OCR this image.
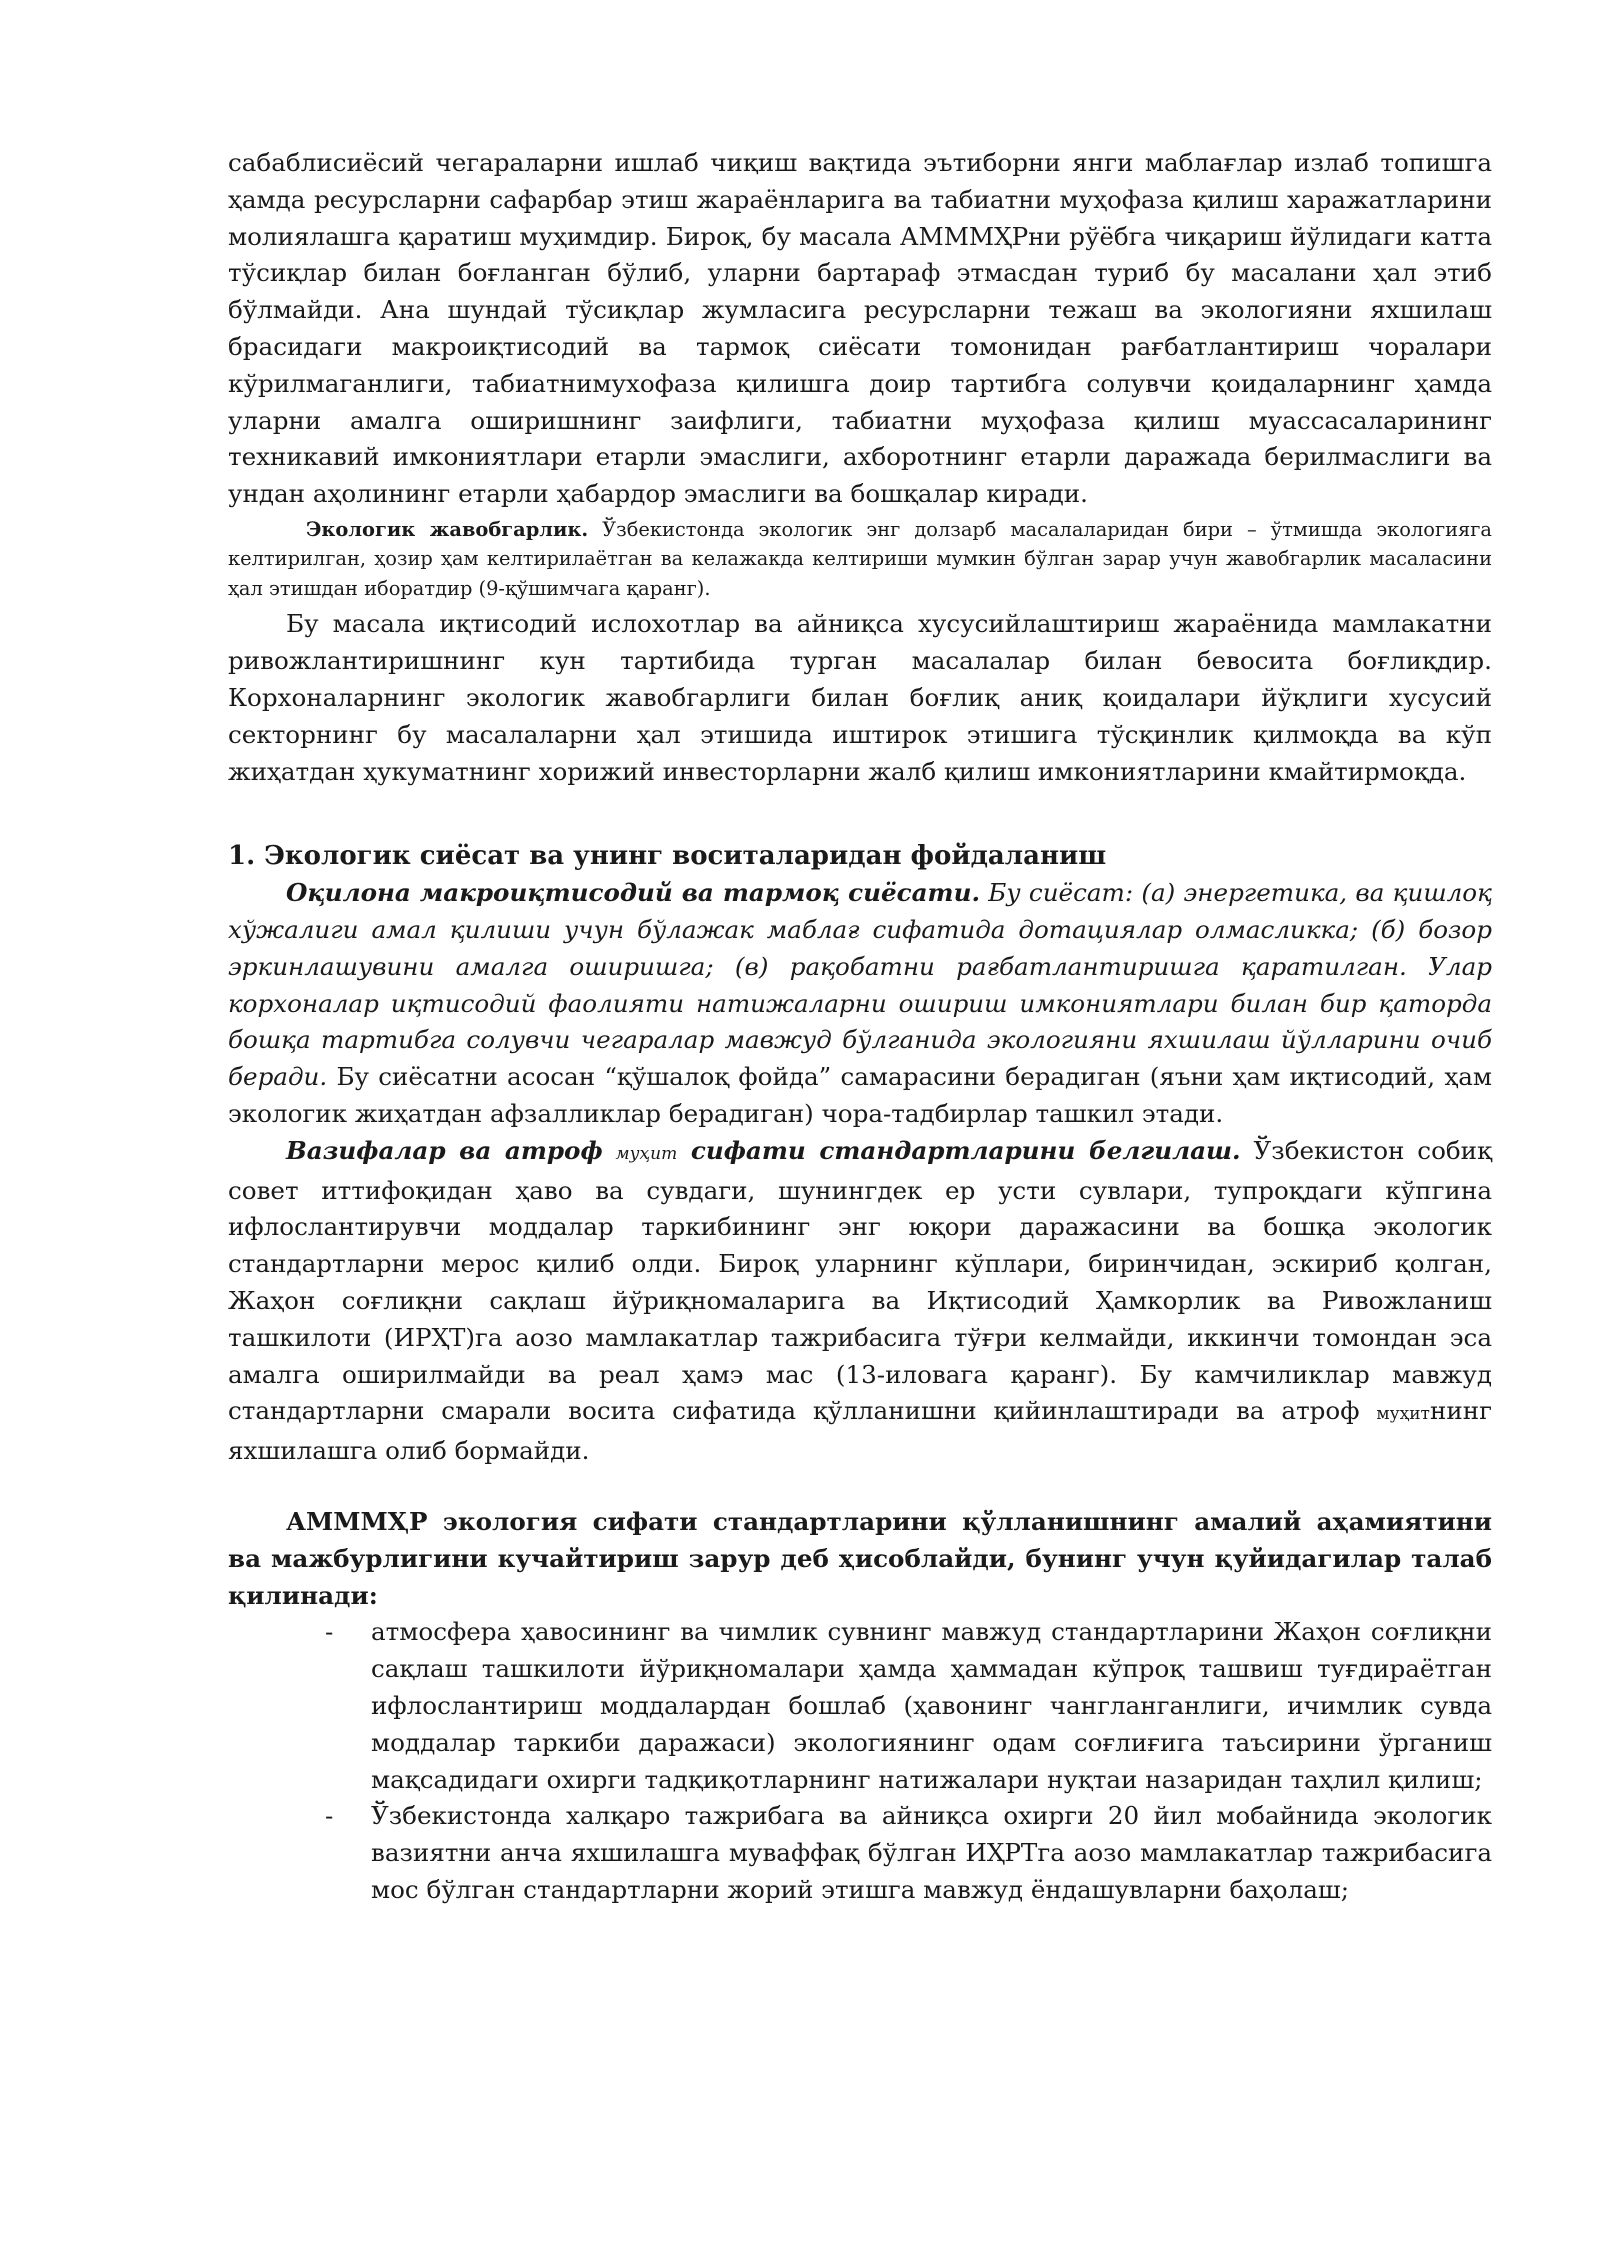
сабаблисиёсий чегараларни ишлаб чиқиш вақтида эътиборни янги маблағлар излаб топишга ҳамда ресурсларни сафарбар этиш жараёнларига ва табиатни муҳофаза қилиш харажатларини молиялашга қаратиш муҳимдир. Бироқ, бу масала АММMҲРни рўёбга чиқариш йўлидаги катта тўсиқлар билан боғланган бўлиб, уларни бартараф этмасдан туриб бу масалани ҳал этиб бўлмайди. Ана шундай тўсиқлар жумласига ресурсларни тежаш ва экологияни яхшилаш брасидаги макроиқтисодий ва тармоқ сиёсати томонидан рағбатлантириш чоралари кўрилмаганлиги, табиатнимухофаза қилишга доир тартибга солувчи қоидаларнинг ҳамда уларни амалга оширишнинг заифлиги, табиатни муҳофаза қилиш муассасаларининг техникавий имкониятлари етарли эмаслиги, ахборотнинг етарли даражада берилмаслиги ва ундан аҳолининг етарли ҳабардор эмаслиги ва бошқалар киради.

Экологик жавобгарлик. Ўзбекистонда экологик энг долзарб масалаларидан бири – ўтмишда экологияга келтирилган, ҳозир ҳам келтирилаётган ва келажакда келтириши мумкин бўлган зарар учун жавобгарлик масаласини ҳал этишдан иборатдир (9-қўшимчага қаранг).

Бу масала иқтисодий ислохотлар ва айниқса хусусийлаштириш жараёнида мамлакатни ривожлантиришнинг кун тартибида турган масалалар билан бевосита боғлиқдир. Корхоналарнинг экологик жавобгарлиги билан боғлиқ аниқ қоидалари йўқлиги хусусий секторнинг бу масалаларни ҳал этишида иштирок этишига тўсқинлик қилмоқда ва кўп жиҳатдан ҳукуматнинг хорижий инвесторларни жалб қилиш имкониятларини кмайтирмоқда.

1. Экологик сиёсат ва унинг воситаларидан фойдаланиш

Оқилона макроиқтисодий ва тармоқ сиёсати. Бу сиёсат: (а) энергетика, ва қишлоқ хўжалиги амал қилиши учун бўлажак маблағ сифатида дотациялар олмасликка; (б) бозор эркинлашувини амалга оширишга; (в) рақобатни рағбатлантиришга қаратилган. Улар корхоналар иқтисодий фаолияти натижаларни ошириш имкониятлари билан бир қаторда бошқа тартибга солувчи чегаралар мавжуд бўлганида экологияни яхшилаш йўлларини очиб беради. Бу сиёсатни асосан “қўшалоқ фойда” самарасини берадиган (яъни ҳам иқтисодий, ҳам экологик жиҳатдан афзалликлар берадиган) чора-тадбирлар ташкил этади.

Вазифалар ва атроф муҳит сифати стандартларини белгилаш. Ўзбекистон собиқ совет иттифоқидан ҳаво ва сувдаги, шунингдек ер усти сувлари, тупроқдаги кўпгина ифлослантирувчи моддалар таркибининг энг юқори даражасини ва бошқа экологик стандартларни мерос қилиб олди. Бироқ уларнинг кўплари, биринчидан, эскириб қолган, Жаҳон соғлиқни сақлаш йўриқномаларига ва Иқтисодий Ҳамкорлик ва Ривожланиш ташкилоти (ИРҲТ)га аозо мамлакатлар тажрибасига тўғри келмайди, иккинчи томондан эса амалга оширилмайди ва реал ҳамэ мас (13-иловага қаранг). Бу камчиликлар мавжуд стандартларни смарали восита сифатида қўлланишни қийинлаштиради ва атроф муҳитнинг яхшилашга олиб бормайди.

АММMҲР экология сифати стандартларини қўлланишнинг амалий аҳамиятини ва мажбурлигини кучайтириш зарур деб ҳисоблайди, бунинг учун қуйидагилар талаб қилинади:

- атмосфера ҳавосининг ва чимлик сувнинг мавжуд стандартларини Жаҳон соғлиқни сақлаш ташкилоти йўриқномалари ҳамда ҳаммадан кўпроқ ташвиш туғдираётган ифлослантириш моддалардан бошлаб (ҳавонинг чангланганлиги, ичимлик сувда моддалар таркиби даражаси) экологиянинг одам соғлиғига таъсирини ўрганиш мақсадидаги охирги тадқиқотларнинг натижалари нуқтаи назаридан таҳлил қилиш;
- Ўзбекистонда халқаро тажрибага ва айниқса охирги 20 йил мобайнида экологик вазиятни анча яхшилашга муваффақ бўлган ИҲРТга аозо мамлакатлар тажрибасига мос бўлган стандартларни жорий этишга мавжуд ёндашувларни баҳолаш;
